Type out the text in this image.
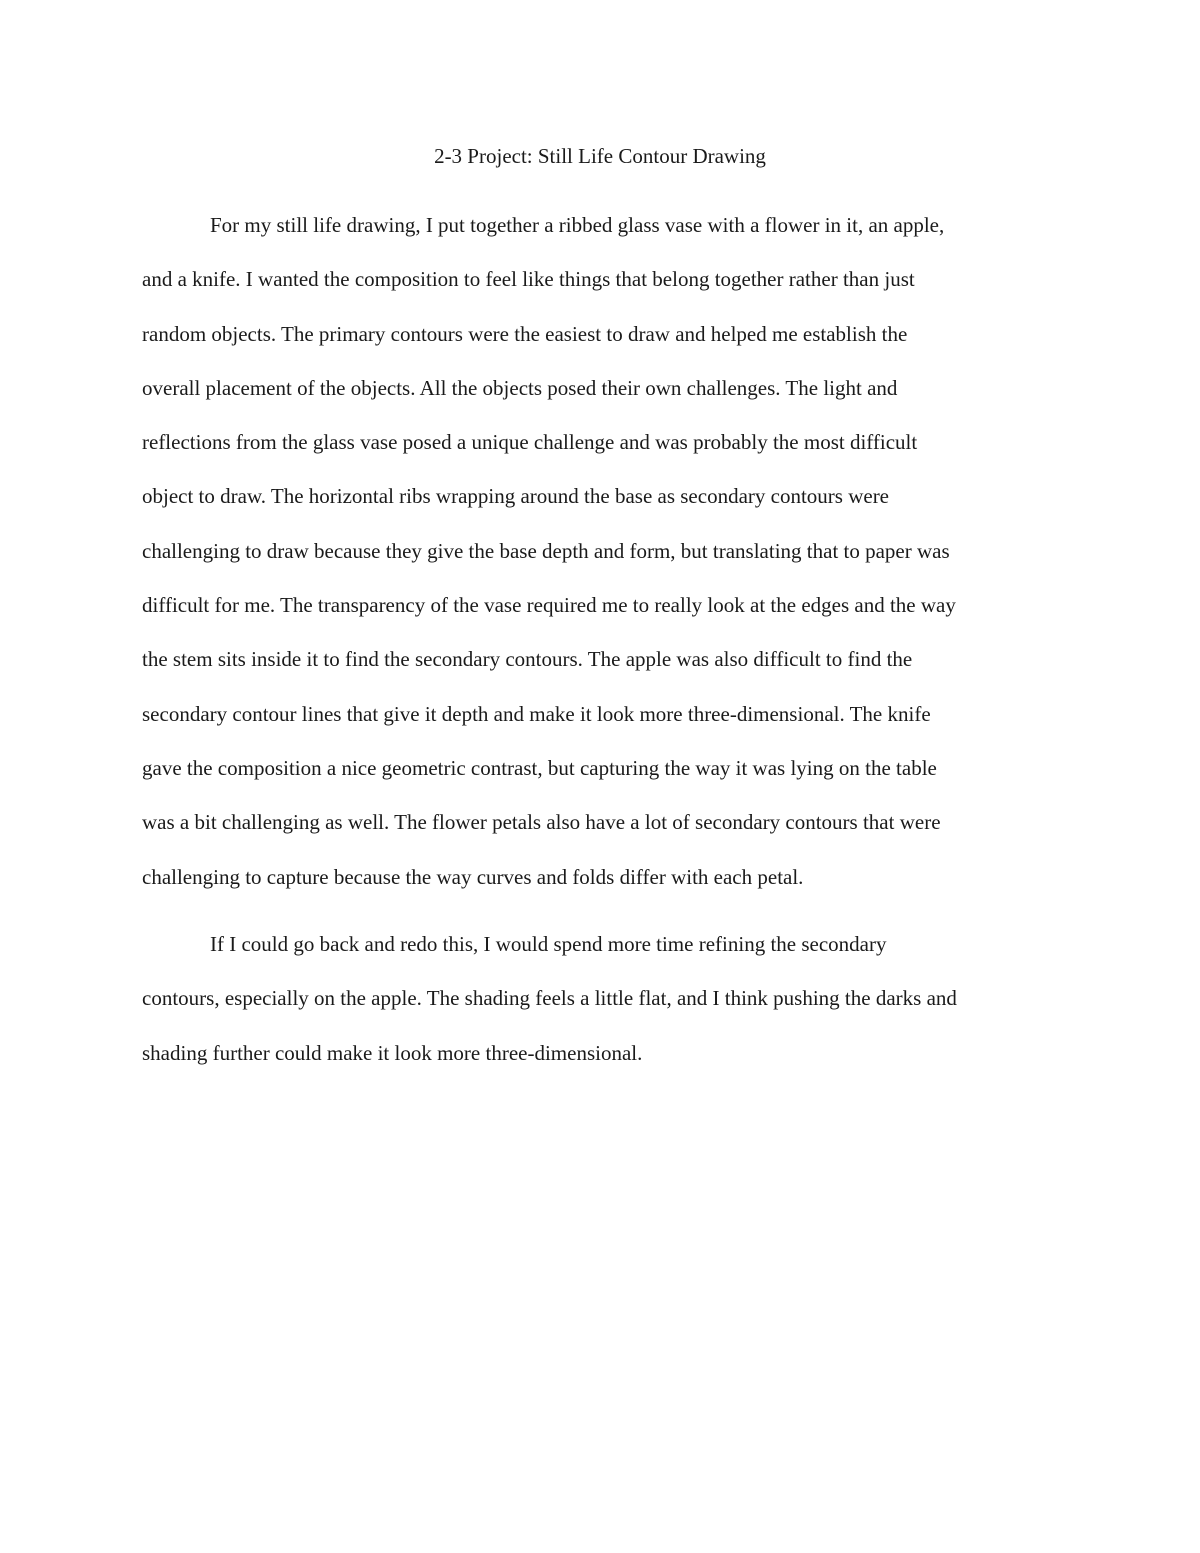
2-3 Project: Still Life Contour Drawing
For my still life drawing, I put together a ribbed glass vase with a flower in it, an apple,
and a knife. I wanted the composition to feel like things that belong together rather than just
random objects. The primary contours were the easiest to draw and helped me establish the
overall placement of the objects. All the objects posed their own challenges. The light and
reflections from the glass vase posed a unique challenge and was probably the most difficult
object to draw. The horizontal ribs wrapping around the base as secondary contours were
challenging to draw because they give the base depth and form, but translating that to paper was
difficult for me. The transparency of the vase required me to really look at the edges and the way
the stem sits inside it to find the secondary contours. The apple was also difficult to find the
secondary contour lines that give it depth and make it look more three-dimensional. The knife
gave the composition a nice geometric contrast, but capturing the way it was lying on the table
was a bit challenging as well. The flower petals also have a lot of secondary contours that were
challenging to capture because the way curves and folds differ with each petal.
If I could go back and redo this, I would spend more time refining the secondary
contours, especially on the apple. The shading feels a little flat, and I think pushing the darks and
shading further could make it look more three-dimensional.
